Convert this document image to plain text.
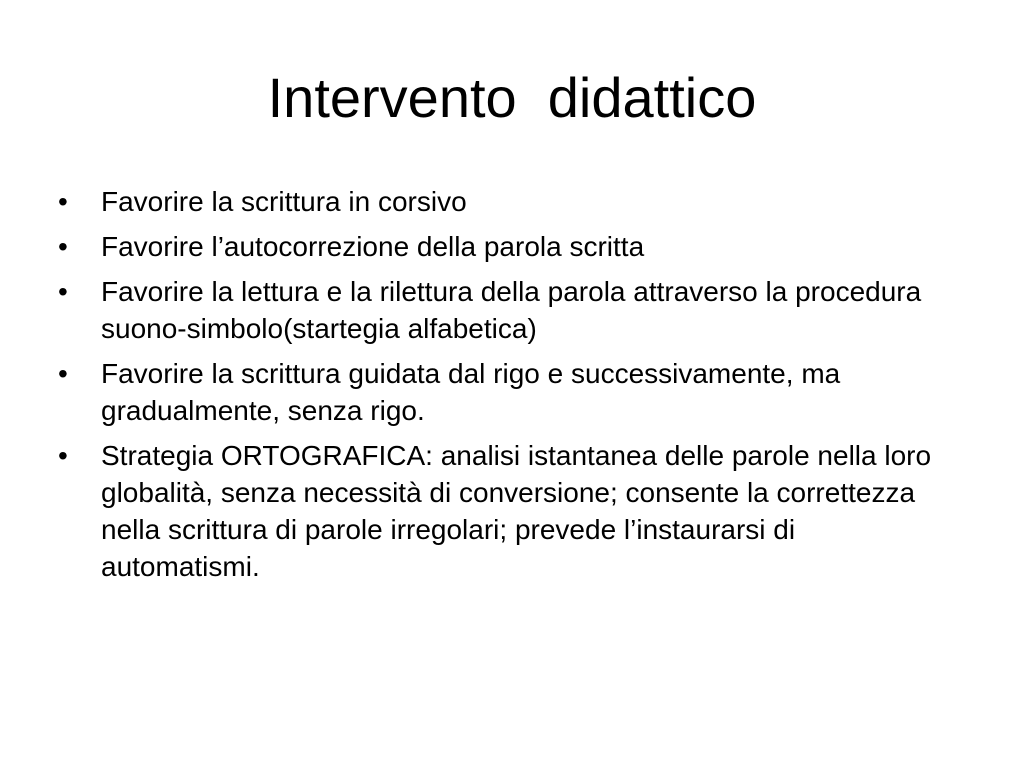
Intervento  didattico
•	Favorire la scrittura in corsivo
•	Favorire l’autocorrezione della parola scritta
•	Favorire la lettura e la rilettura della parola attraverso la procedura suono-simbolo(startegia alfabetica)
•	Favorire la scrittura guidata dal rigo e successivamente, ma gradualmente, senza rigo.
•	Strategia ORTOGRAFICA: analisi istantanea delle parole nella loro globalità, senza necessità di conversione; consente la correttezza nella scrittura di parole irregolari; prevede l’instaurarsi di automatismi.
